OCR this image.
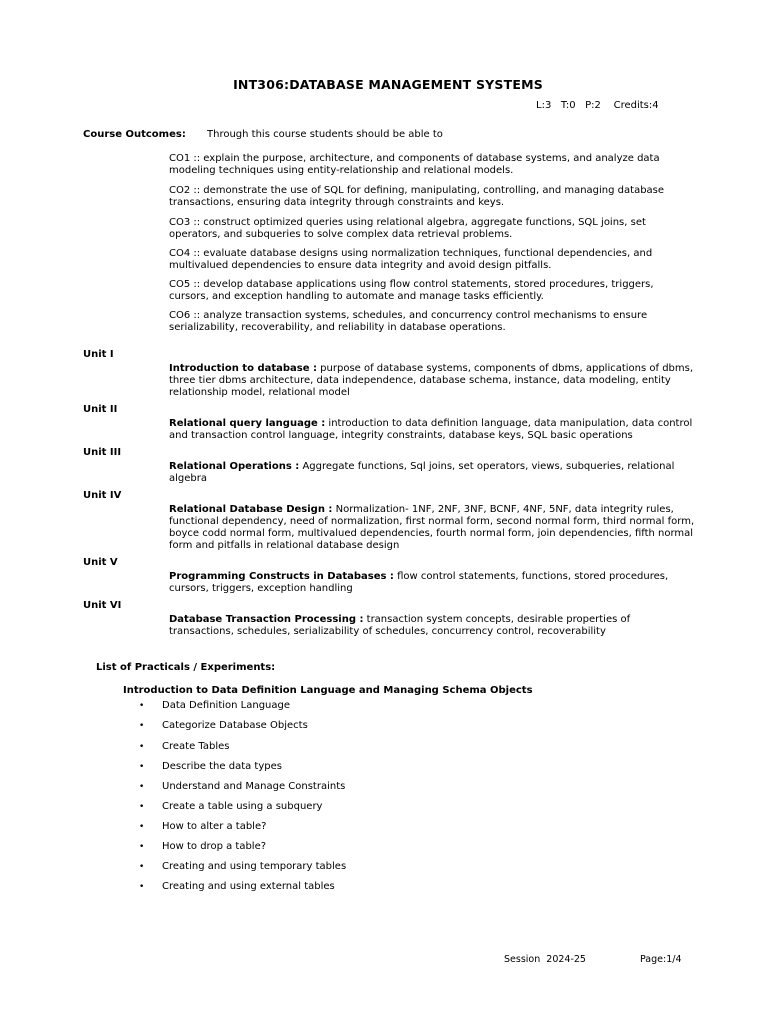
INT306:DATABASE MANAGEMENT SYSTEMS
L:3   T:0   P:2    Credits:4
Course Outcomes: Through this course students should be able to
CO1 :: explain the purpose, architecture, and components of database systems, and analyze data modeling techniques using entity-relationship and relational models.
CO2 :: demonstrate the use of SQL for defining, manipulating, controlling, and managing database transactions, ensuring data integrity through constraints and keys.
CO3 :: construct optimized queries using relational algebra, aggregate functions, SQL joins, set operators, and subqueries to solve complex data retrieval problems.
CO4 :: evaluate database designs using normalization techniques, functional dependencies, and multivalued dependencies to ensure data integrity and avoid design pitfalls.
CO5 :: develop database applications using flow control statements, stored procedures, triggers, cursors, and exception handling to automate and manage tasks efficiently.
CO6 :: analyze transaction systems, schedules, and concurrency control mechanisms to ensure serializability, recoverability, and reliability in database operations.
Unit I
Introduction to database : purpose of database systems, components of dbms, applications of dbms, three tier dbms architecture, data independence, database schema, instance, data modeling, entity relationship model, relational model
Unit II
Relational query language : introduction to data definition language, data manipulation, data control and transaction control language, integrity constraints, database keys, SQL basic operations
Unit III
Relational Operations : Aggregate functions, Sql joins, set operators, views, subqueries, relational algebra
Unit IV
Relational Database Design : Normalization- 1NF, 2NF, 3NF, BCNF, 4NF, 5NF, data integrity rules, functional dependency, need of normalization, first normal form, second normal form, third normal form, boyce codd normal form, multivalued dependencies, fourth normal form, join dependencies, fifth normal form and pitfalls in relational database design
Unit V
Programming Constructs in Databases : flow control statements, functions, stored procedures, cursors, triggers, exception handling
Unit VI
Database Transaction Processing : transaction system concepts, desirable properties of transactions, schedules, serializability of schedules, concurrency control, recoverability
List of Practicals / Experiments:
Introduction to Data Definition Language and Managing Schema Objects
• Data Definition Language
• Categorize Database Objects
• Create Tables
• Describe the data types
• Understand and Manage Constraints
• Create a table using a subquery
• How to alter a table?
• How to drop a table?
• Creating and using temporary tables
• Creating and using external tables
Session  2024-25	Page:1/4
